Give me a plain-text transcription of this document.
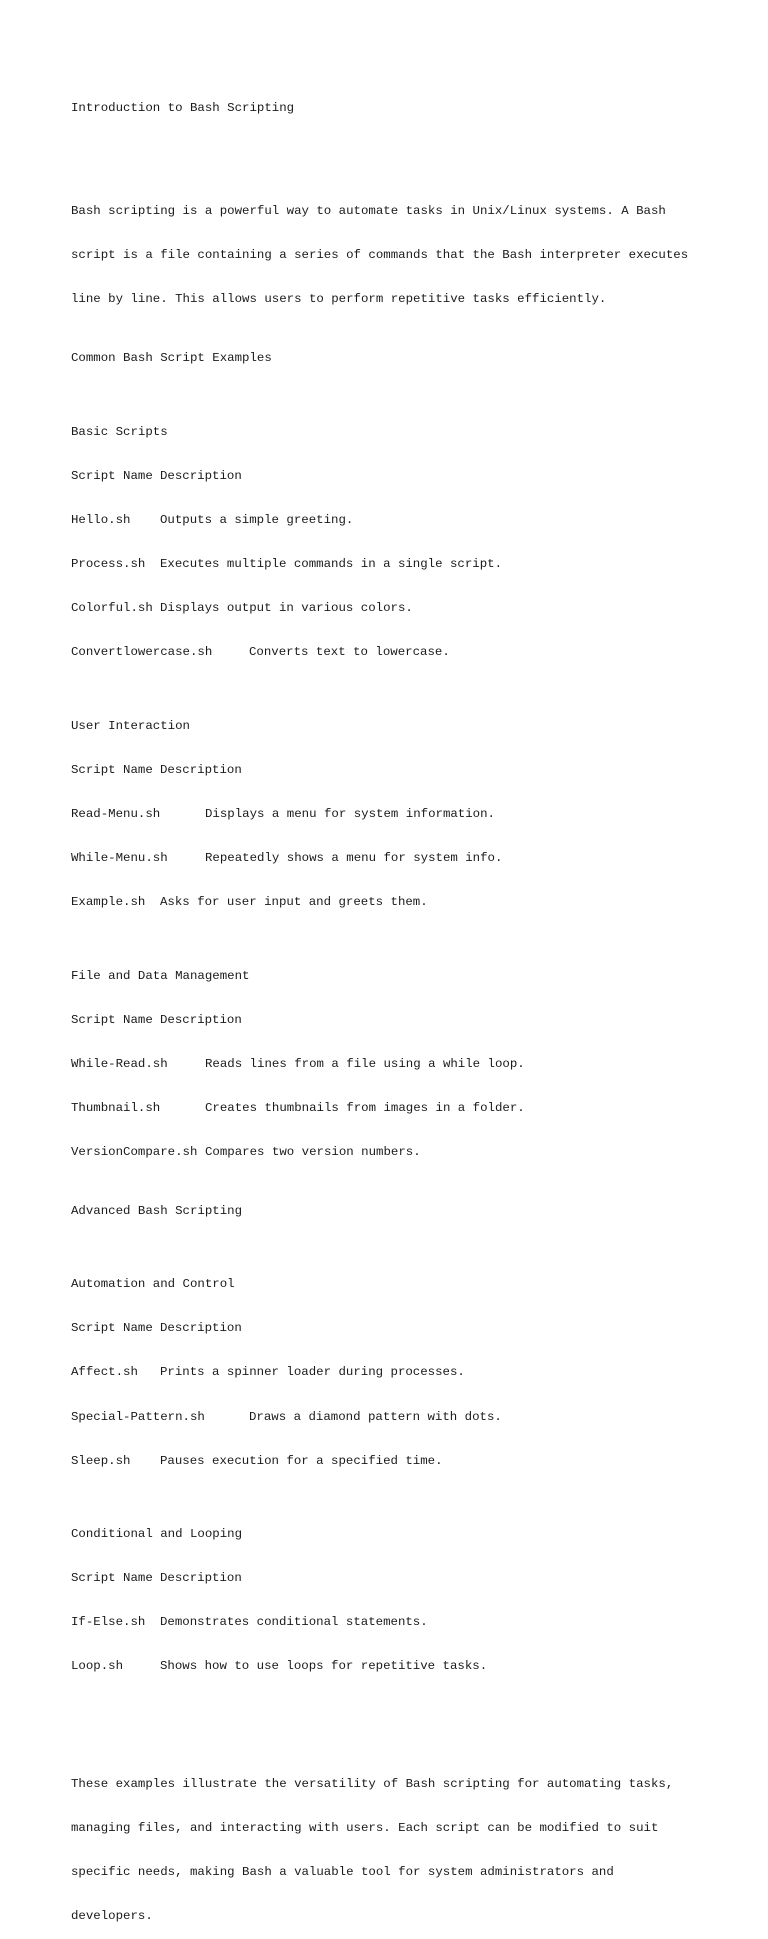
Introduction to Bash Scripting

Bash scripting is a powerful way to automate tasks in Unix/Linux systems. A Bash

script is a file containing a series of commands that the Bash interpreter executes

line by line. This allows users to perform repetitive tasks efficiently.

Common Bash Script Examples

Basic Scripts

Script Name Description

Hello.sh	Outputs a simple greeting.

Process.sh	Executes multiple commands in a single script.

Colorful.sh Displays output in various colors.

Convertlowercase.sh	Converts text to lowercase.

User Interaction

Script Name Description

Read-Menu.sh	Displays a menu for system information.

While-Menu.sh	Repeatedly shows a menu for system info.

Example.sh	Asks for user input and greets them.

File and Data Management

Script Name Description

While-Read.sh	Reads lines from a file using a while loop.

Thumbnail.sh	Creates thumbnails from images in a folder.

VersionCompare.sh Compares two version numbers.

Advanced Bash Scripting

Automation and Control

Script Name Description

Affect.sh	Prints a spinner loader during processes.

Special-Pattern.sh	Draws a diamond pattern with dots.

Sleep.sh	Pauses execution for a specified time.

Conditional and Looping

Script Name Description

If-Else.sh	Demonstrates conditional statements.

Loop.sh	Shows how to use loops for repetitive tasks.

These examples illustrate the versatility of Bash scripting for automating tasks,

managing files, and interacting with users. Each script can be modified to suit

specific needs, making Bash a valuable tool for system administrators and

developers.
